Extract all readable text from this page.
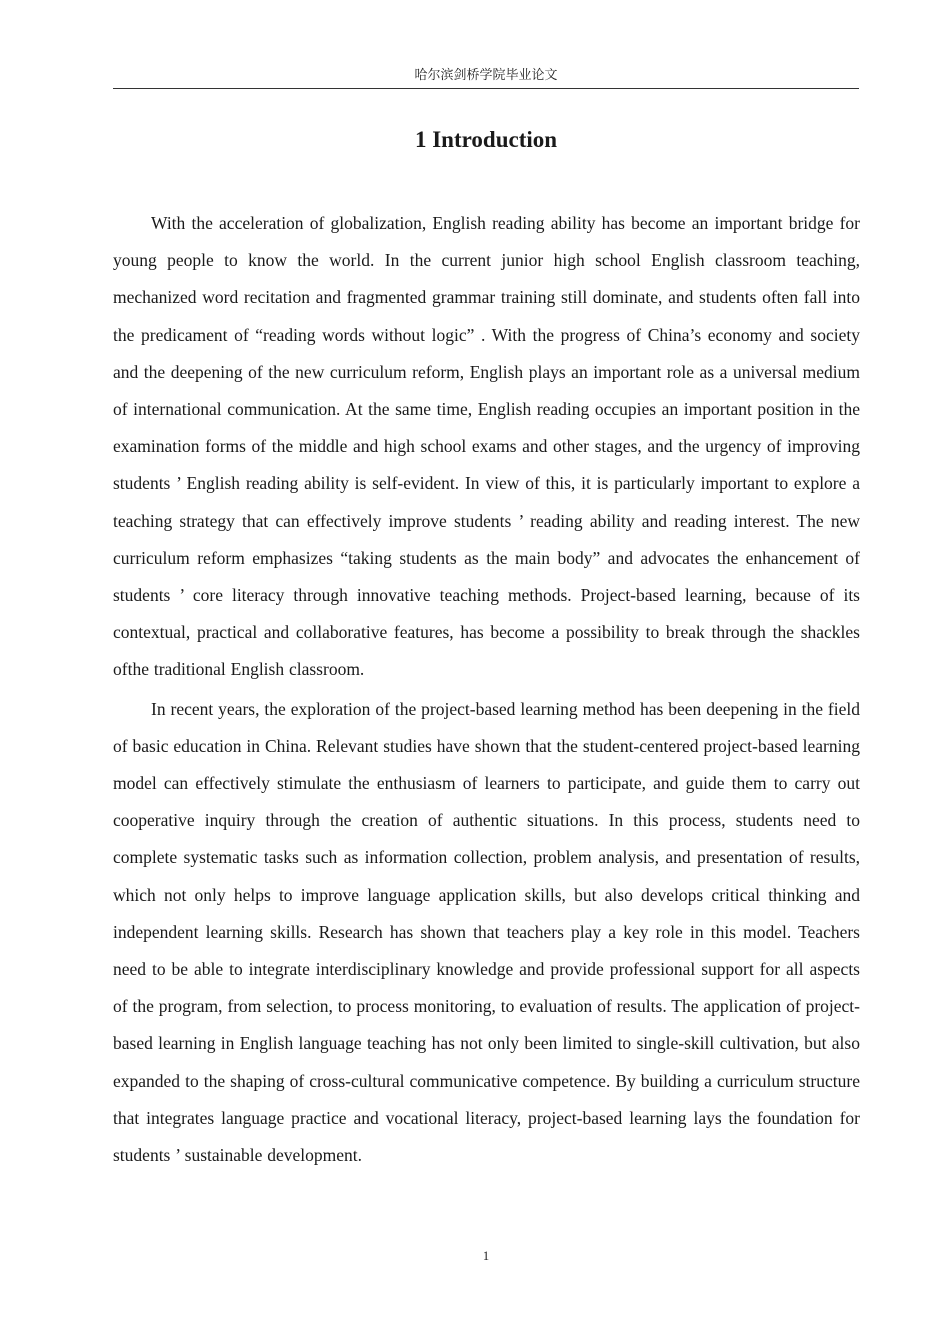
哈尔滨剑桥学院毕业论文
1 Introduction

With the acceleration of globalization, English reading ability has become an important bridge for young people to know the world. In the current junior high school English classroom teaching, mechanized word recitation and fragmented grammar training still dominate, and students often fall into the predicament of “reading words without logic” . With the progress of China’s economy and society and the deepening of the new curriculum reform, English plays an important role as a universal medium of international communication. At the same time, English reading occupies an important position in the examination forms of the middle and high school exams and other stages, and the urgency of improving students ’ English reading ability is self-evident. In view of this, it is particularly important to explore a teaching strategy that can effectively improve students ’ reading ability and reading interest. The new curriculum reform emphasizes “taking students as the main body” and advocates the enhancement of students ’ core literacy through innovative teaching methods. Project-based learning, because of its contextual, practical and collaborative features, has become a possibility to break through the shackles ofthe traditional English classroom.

In recent years, the exploration of the project-based learning method has been deepening in the field of basic education in China. Relevant studies have shown that the student-centered project-based learning model can effectively stimulate the enthusiasm of learners to participate, and guide them to carry out cooperative inquiry through the creation of authentic situations. In this process, students need to complete systematic tasks such as information collection, problem analysis, and presentation of results, which not only helps to improve language application skills, but also develops critical thinking and independent learning skills. Research has shown that teachers play a key role in this model. Teachers need to be able to integrate interdisciplinary knowledge and provide professional support for all aspects of the program, from selection, to process monitoring, to evaluation of results. The application of project-based learning in English language teaching has not only been limited to single-skill cultivation, but also expanded to the shaping of cross-cultural communicative competence. By building a curriculum structure that integrates language practice and vocational literacy, project-based learning lays the foundation for students ’ sustainable development.

1
